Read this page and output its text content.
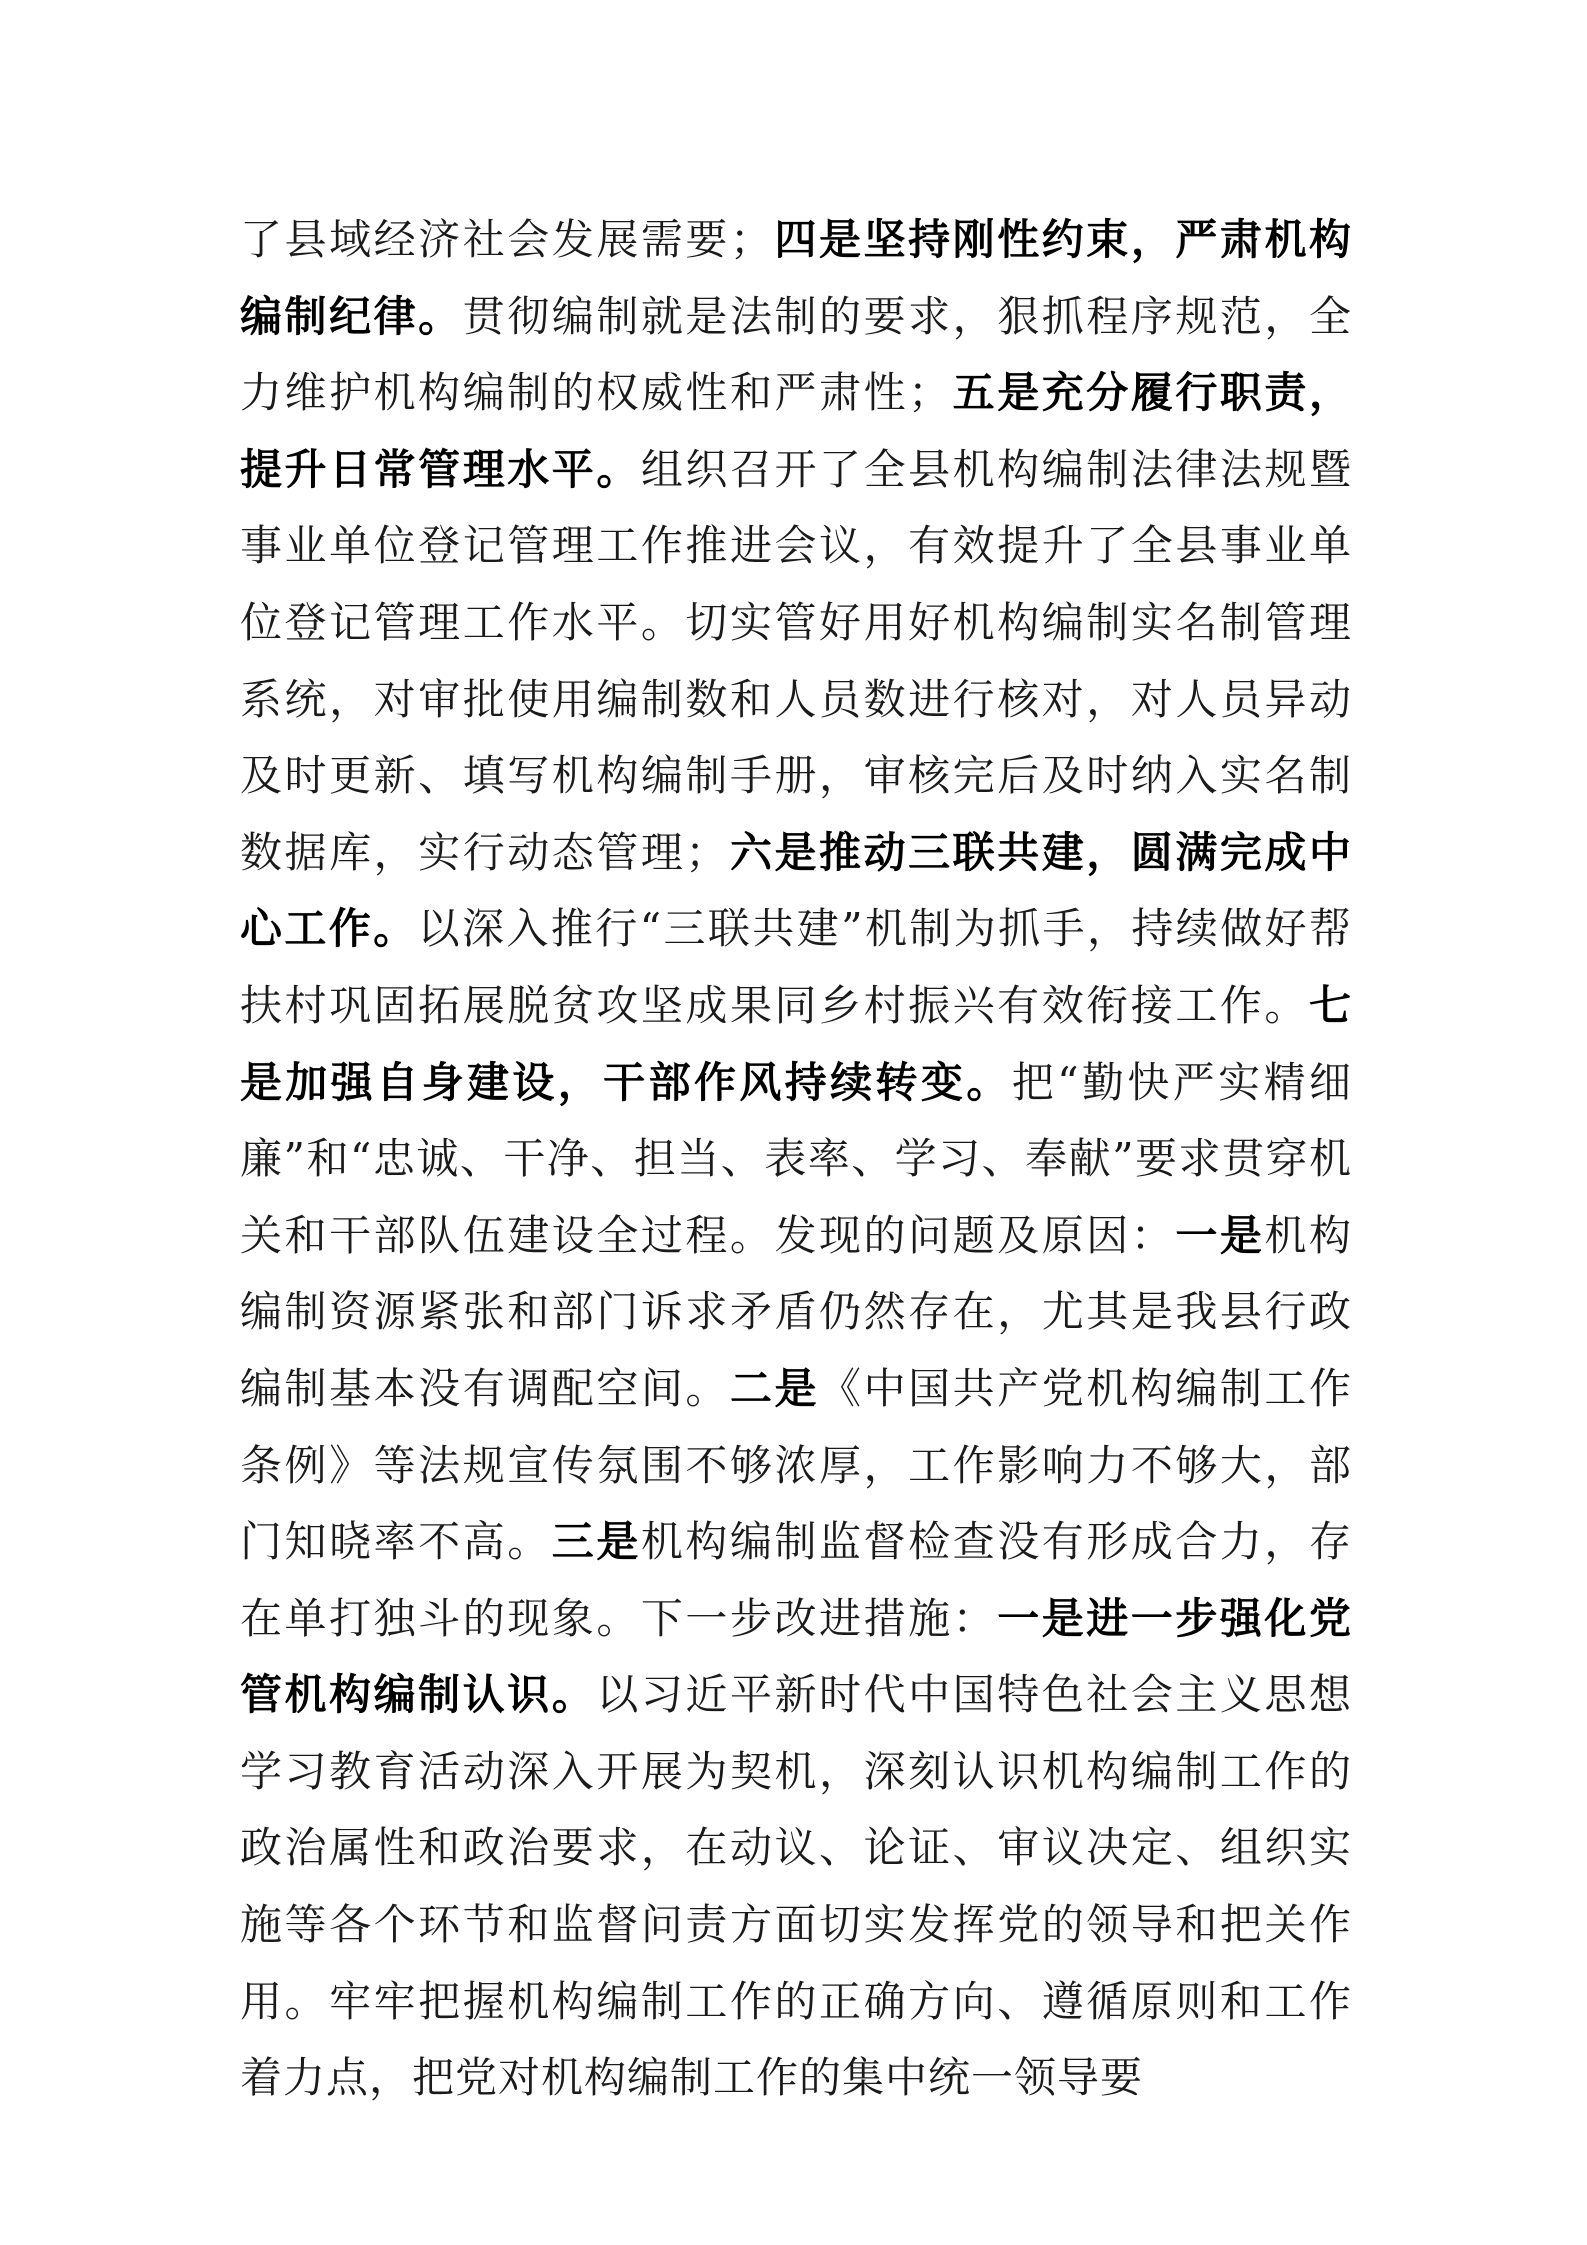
了县域经济社会发展需要；四是坚持刚性约束，严肃机构编制纪律。贯彻编制就是法制的要求，狠抓程序规范，全力维护机构编制的权威性和严肃性；五是充分履行职责，提升日常管理水平。组织召开了全县机构编制法律法规暨事业单位登记管理工作推进会议，有效提升了全县事业单位登记管理工作水平。切实管好用好机构编制实名制管理系统，对审批使用编制数和人员数进行核对，对人员异动及时更新、填写机构编制手册，审核完后及时纳入实名制数据库，实行动态管理；六是推动三联共建，圆满完成中心工作。以深入推行“三联共建”机制为抓手，持续做好帮扶村巩固拓展脱贫攻坚成果同乡村振兴有效衔接工作。七是加强自身建设，干部作风持续转变。把“勤快严实精细廉”和“忠诚、干净、担当、表率、学习、奉献”要求贯穿机关和干部队伍建设全过程。发现的问题及原因：一是机构编制资源紧张和部门诉求矛盾仍然存在，尤其是我县行政编制基本没有调配空间。二是《中国共产党机构编制工作条例》等法规宣传氛围不够浓厚，工作影响力不够大，部门知晓率不高。三是机构编制监督检查没有形成合力，存在单打独斗的现象。下一步改进措施：一是进一步强化党管机构编制认识。以习近平新时代中国特色社会主义思想学习教育活动深入开展为契机，深刻认识机构编制工作的政治属性和政治要求，在动议、论证、审议决定、组织实施等各个环节和监督问责方面切实发挥党的领导和把关作用。牢牢把握机构编制工作的正确方向、遵循原则和工作着力点，把党对机构编制工作的集中统一领导要
